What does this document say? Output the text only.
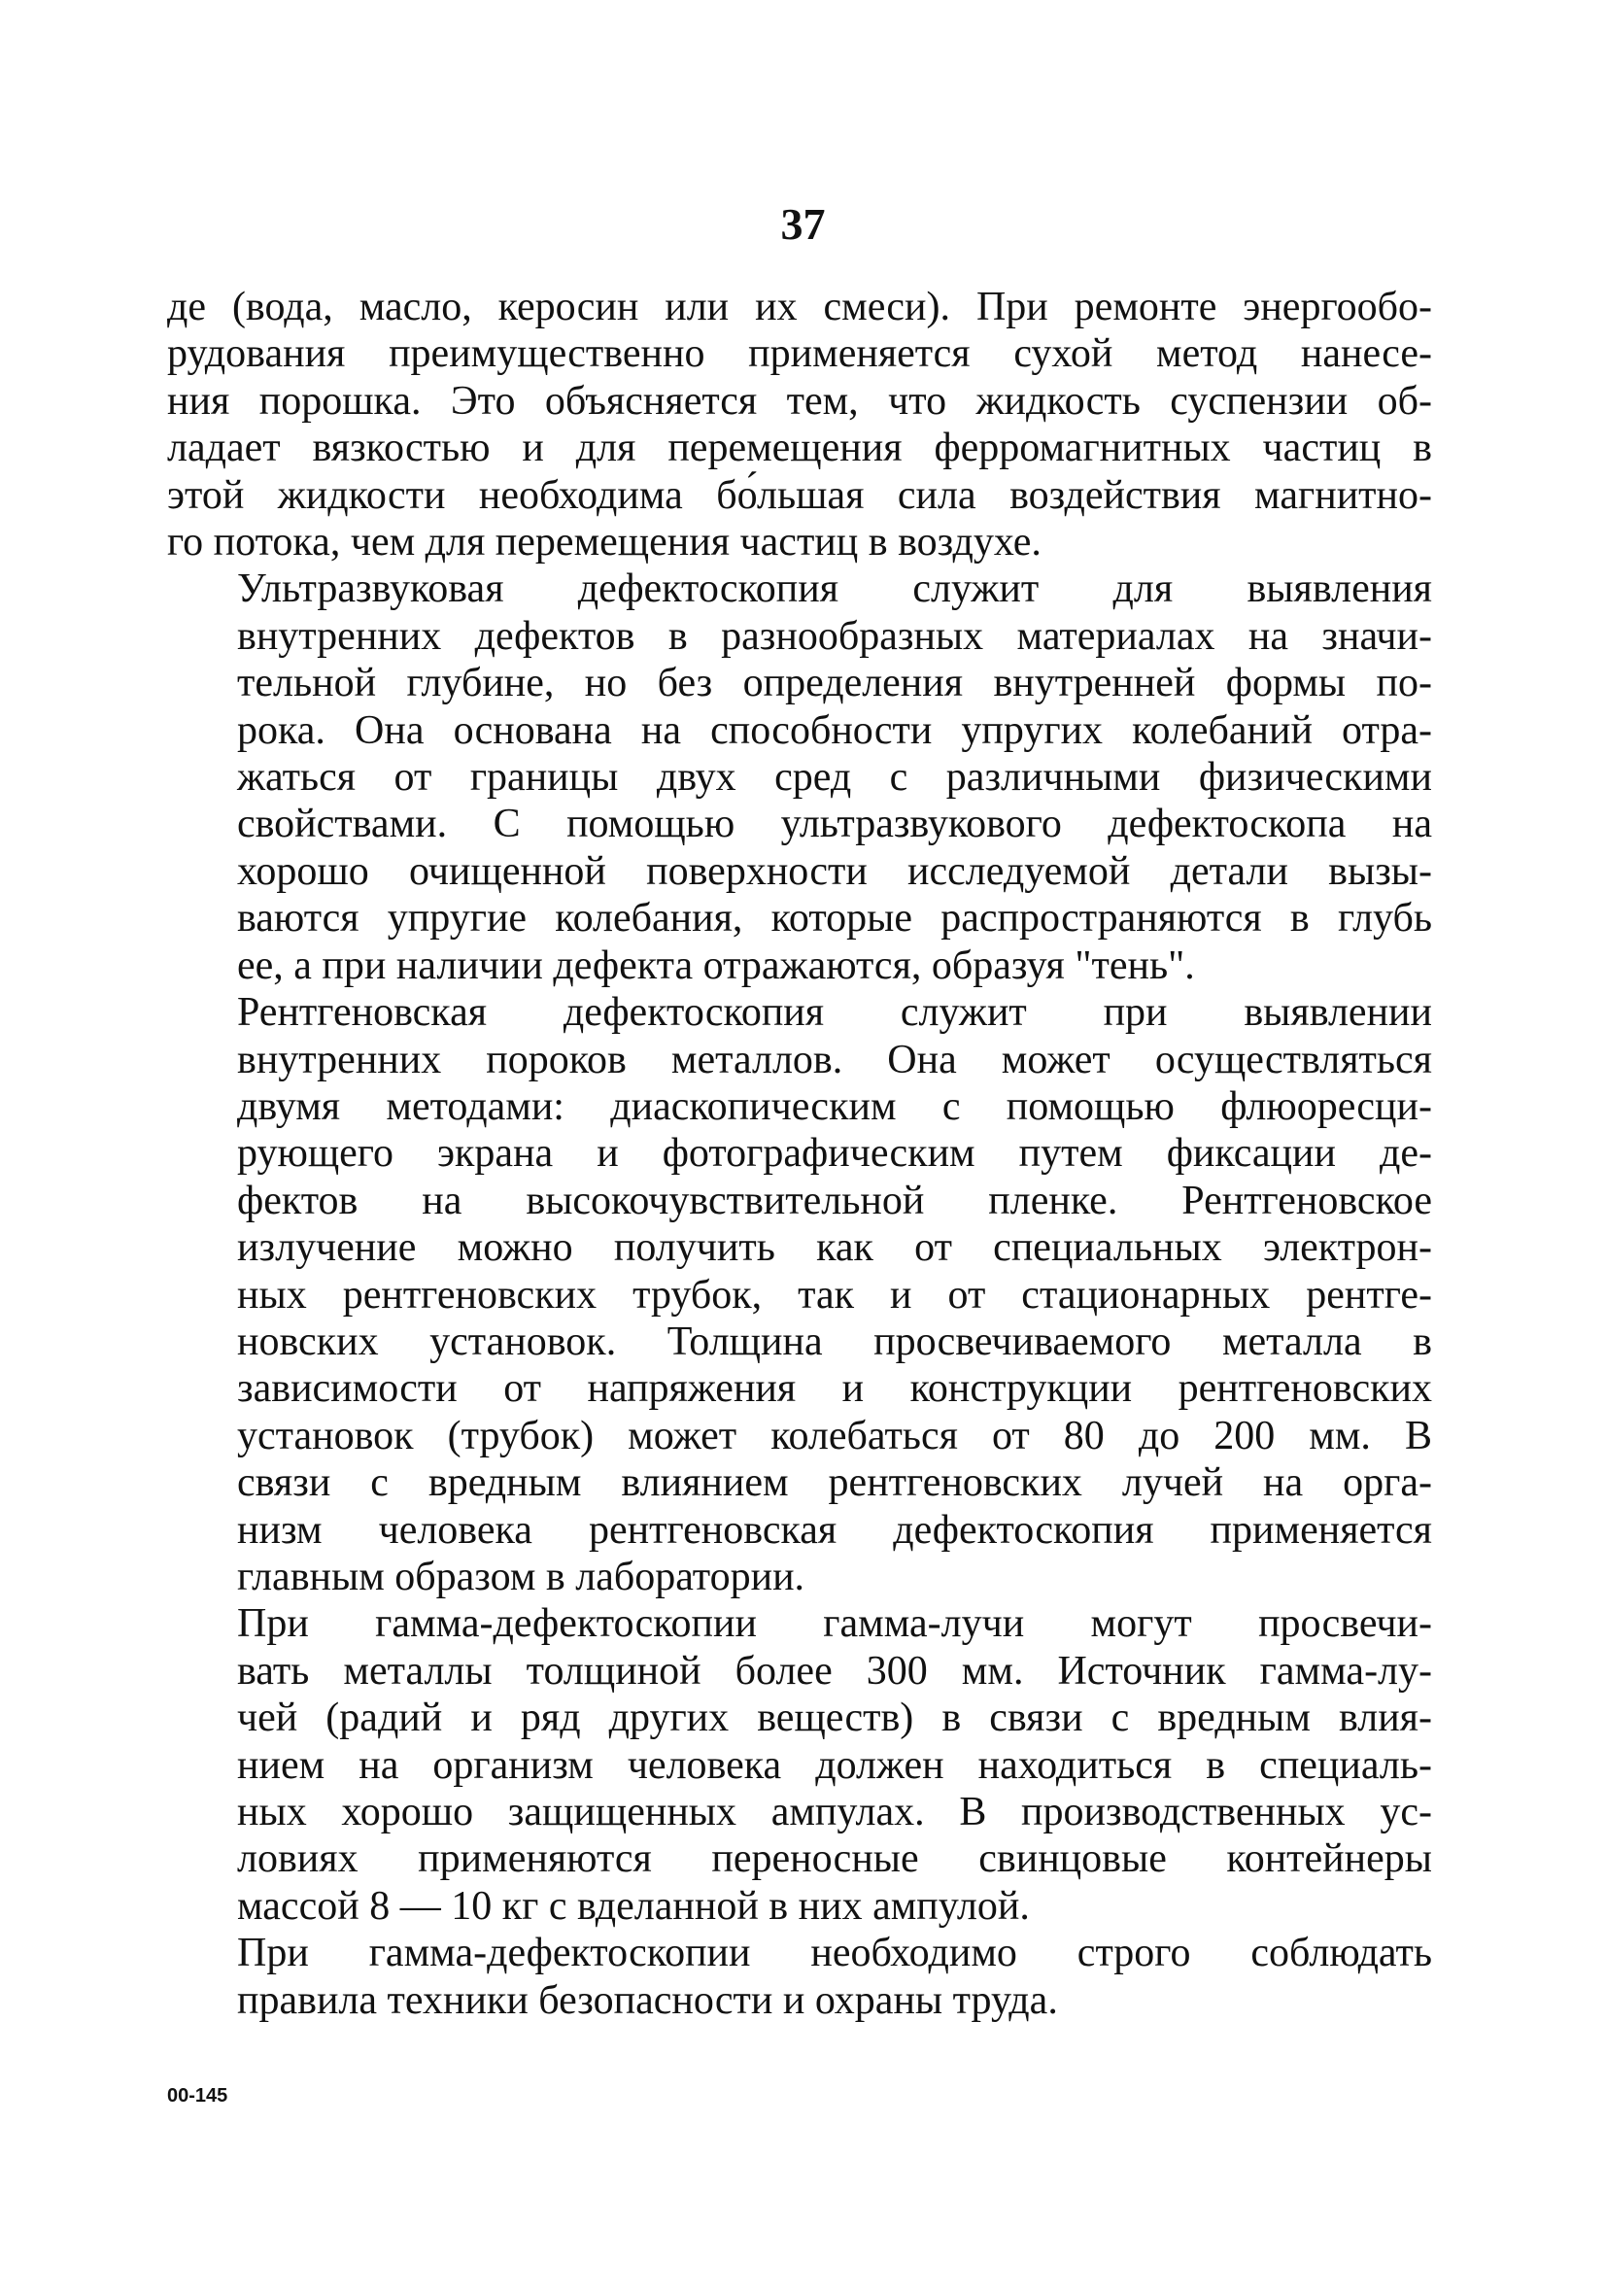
37

де (вода, масло, керосин или их смеси). При ремонте энергообо-
рудования преимущественно применяется сухой метод нанесе-
ния порошка. Это объясняется тем, что жидкость суспензии об-
ладает вязкостью и для перемещения ферромагнитных частиц в
этой жидкости необходима бо́льшая сила воздействия магнитно-
го потока, чем для перемещения частиц в воздухе.

Ультразвуковая дефектоскопия служит для выявления
внутренних дефектов в разнообразных материалах на значи-
тельной глубине, но без определения внутренней формы по-
рока. Она основана на способности упругих колебаний отра-
жаться от границы двух сред с различными физическими
свойствами. С помощью ультразвукового дефектоскопа на
хорошо очищенной поверхности исследуемой детали вызы-
ваются упругие колебания, которые распространяются в глубь
ее, а при наличии дефекта отражаются, образуя "тень".

Рентгеновская дефектоскопия служит при выявлении
внутренних пороков металлов. Она может осуществляться
двумя методами: диаскопическим с помощью флюоресци-
рующего экрана и фотографическим путем фиксации де-
фектов на высокочувствительной пленке. Рентгеновское
излучение можно получить как от специальных электрон-
ных рентгеновских трубок, так и от стационарных рентге-
новских установок. Толщина просвечиваемого металла в
зависимости от напряжения и конструкции рентгеновских
установок (трубок) может колебаться от 80 до 200 мм. В
связи с вредным влиянием рентгеновских лучей на орга-
низм человека рентгеновская дефектоскопия применяется
главным образом в лаборатории.

При гамма-дефектоскопии гамма-лучи могут просвечи-
вать металлы толщиной более 300 мм. Источник гамма-лу-
чей (радий и ряд других веществ) в связи с вредным влия-
нием на организм человека должен находиться в специаль-
ных хорошо защищенных ампулах. В производственных ус-
ловиях применяются переносные свинцовые контейнеры
массой 8 — 10 кг с вделанной в них ампулой.

При гамма-дефектоскопии необходимо строго соблюдать
правила техники безопасности и охраны труда.

00-145
